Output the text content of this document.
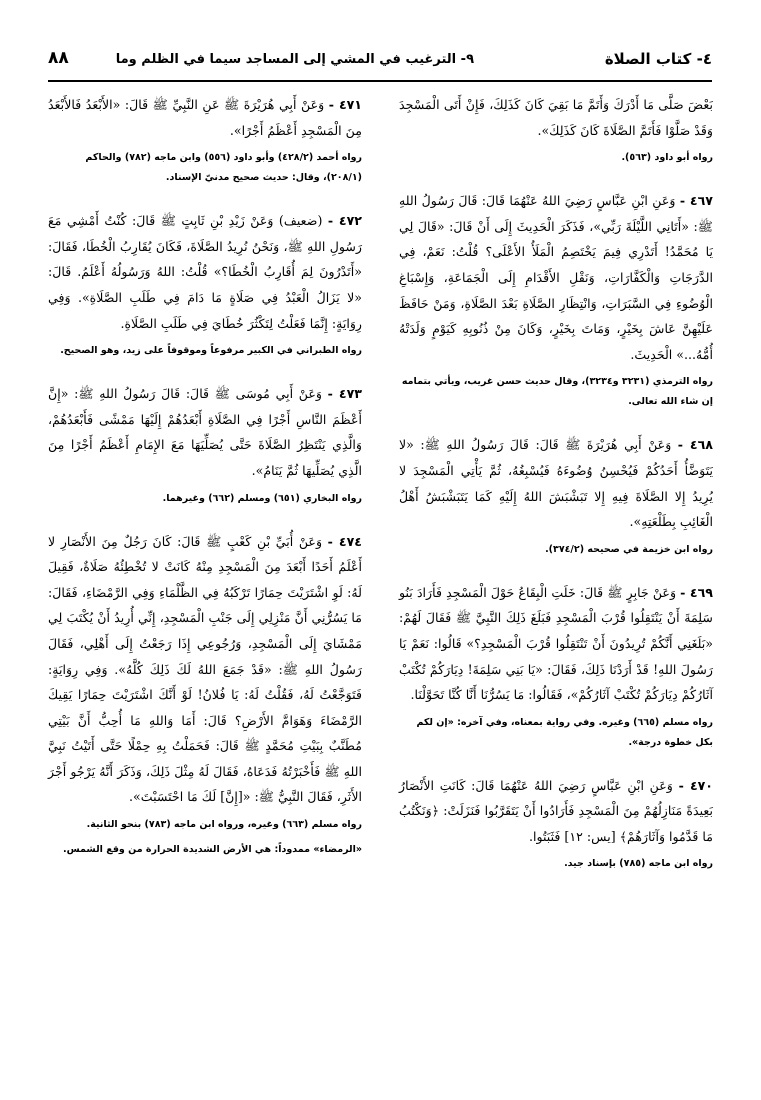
٤- كتاب الصلاة
٩- الترغيب في المشي إلى المساجد سيما في الظلم وما
٨٨

بَعْضَ صَلَّى مَا أَدْرَكَ وَأَتَمَّ مَا بَقِيَ كَانَ كَذَلِكَ، فَإِنْ أَتَى الْمَسْجِدَ وَقَدْ صَلَّوْا فَأَتَمَّ الصَّلَاةَ كَانَ كَذَلِكَ».

رواه أبو داود (٥٦٣).

٤٦٧ - وَعَنِ ابْنِ عَبَّاسٍ رَضِيَ اللهُ عَنْهُمَا قَالَ: قَالَ رَسُولُ اللهِ ﷺ: «أَتَانِي اللَّيْلَةَ رَبِّي»، فَذَكَرَ الْحَدِيثَ إِلَى أَنْ قَالَ: «قَالَ لِي يَا مُحَمَّدُ! أَتَدْرِي فِيمَ يَخْتَصِمُ الْمَلَأُ الأَعْلَى؟ قُلْتُ: نَعَمْ، فِي الدَّرَجَاتِ وَالْكَفَّارَاتِ، وَنَقْلِ الأَقْدَامِ إِلَى الْجَمَاعَةِ، وَإِسْبَاغِ الْوُضُوءِ فِي السَّبَرَاتِ، وَانْتِظَارِ الصَّلَاةِ بَعْدَ الصَّلَاةِ، وَمَنْ حَافَظَ عَلَيْهِنَّ عَاشَ بِخَيْرٍ، وَمَاتَ بِخَيْرٍ، وَكَانَ مِنْ ذُنُوبِهِ كَيَوْمٍ وَلَدَتْهُ أُمُّهُ...» الْحَدِيثَ.

رواه الترمذي (٣٢٣١ و٣٢٣٤)، وقال حديث حسن غريب، ويأتي بتمامه إن شاء الله تعالى.

٤٦٨ - وَعَنْ أَبِي هُرَيْرَةَ ﷺ قَالَ: قَالَ رَسُولُ اللهِ ﷺ: «لا يَتَوَضَّأُ أَحَدُكُمْ فَيُحْسِنُ وُضُوءَهُ فَيُسْبِغُهُ، ثُمَّ يَأْتِي الْمَسْجِدَ لا يُرِيدُ إِلا الصَّلَاةَ فِيهِ إِلا تَبَشْبَشَ اللهُ إِلَيْهِ كَمَا يَتَبَشْبَشُ أَهْلُ الْغَائِبِ بِطَلْعَتِهِ».

رواه ابن خزيمة في صحيحه (٣٧٤/٢).

٤٦٩ - وَعَنْ جَابِرٍ ﷺ قَالَ: خَلَتِ الْبِقَاعُ حَوْلَ الْمَسْجِدِ فَأَرَادَ بَنُو سَلِمَةَ أَنْ يَنْتَقِلُوا قُرْبَ الْمَسْجِدِ فَبَلَغَ ذَلِكَ النَّبِيَّ ﷺ فَقَالَ لَهُمْ: «بَلَغَنِي أَنَّكُمْ تُرِيدُونَ أَنْ تَنْتَقِلُوا قُرْبَ الْمَسْجِدِ؟» قَالُوا: نَعَمْ يَا رَسُولَ اللهِ! قَدْ أَرَدْنَا ذَلِكَ، فَقَالَ: «يَا بَنِي سَلِمَةَ! دِيَارَكُمْ تُكْتَبْ آثَارُكُمْ دِيَارَكُمْ تُكْتَبْ آثَارُكُمْ»، فَقَالُوا: مَا يَسُرُّنَا أَنَّا كُنَّا تَحَوَّلْنَا.

رواه مسلم (٦٦٥) وغيره. وفي رواية بمعناه، وفي آخره: «إن لكم بكل خطوة درجة».

٤٧٠ - وَعَنِ ابْنِ عَبَّاسٍ رَضِيَ اللهُ عَنْهُمَا قَالَ: كَانَتِ الأَنْصَارُ بَعِيدَةً مَنَازِلُهُمْ مِنَ الْمَسْجِدِ فَأَرَادُوا أَنْ يَتَقَرَّبُوا فَنَزَلَتْ: ﴿وَنَكْتُبُ مَا قَدَّمُوا وَآثَارَهُمْ﴾ [يس: ١٢] فَثَبَتُوا.

رواه ابن ماجه (٧٨٥) بإسناد جيد.

٤٧١ - وَعَنْ أَبِي هُرَيْرَةَ ﷺ عَنِ النَّبِيِّ ﷺ قَالَ: «الأَبْعَدُ فَالأَبْعَدُ مِنَ الْمَسْجِدِ أَعْظَمُ أَجْرًا».

رواه أحمد (٤٢٨/٢) وأبو داود (٥٥٦) وابن ماجه (٧٨٢) والحاكم (٢٠٨/١)، وقال: حديث صحيح مدنيّ الإسناد.

٤٧٢ - (ضعيف) وَعَنْ زَيْدِ بْنِ ثَابِتٍ ﷺ قَالَ: كُنْتُ أَمْشِي مَعَ رَسُولِ اللهِ ﷺ، وَنَحْنُ نُرِيدُ الصَّلَاةَ، فَكَانَ يُقَارِبُ الْخُطَا، فَقَالَ: «أَتَدْرُونَ لِمَ أُقَارِبُ الْخُطَا؟» قُلْتُ: اللهُ وَرَسُولُهُ أَعْلَمُ. قَالَ: «لا يَزَالُ الْعَبْدُ فِي صَلَاةٍ مَا دَامَ فِي طَلَبِ الصَّلَاةِ». وَفِي رِوَايَةٍ: إِنَّمَا فَعَلْتُ لِتَكْثُرَ خُطَايَ فِي طَلَبِ الصَّلَاةِ.

رواه الطبراني في الكبير مرفوعاً وموقوفاً على زيد، وهو الصحيح.

٤٧٣ - وَعَنْ أَبِي مُوسَى ﷺ قَالَ: قَالَ رَسُولُ اللهِ ﷺ: «إِنَّ أَعْظَمَ النَّاسِ أَجْرًا فِي الصَّلَاةِ أَبْعَدُهُمْ إِلَيْهَا مَمْشًى فَأَبْعَدُهُمْ، وَالَّذِي يَنْتَظِرُ الصَّلَاةَ حَتَّى يُصَلِّيَهَا مَعَ الإِمَامِ أَعْظَمُ أَجْرًا مِنَ الَّذِي يُصَلِّيهَا ثُمَّ يَنَامُ».

رواه البخاري (٦٥١) ومسلم (٦٦٢) وغيرهما.

٤٧٤ - وَعَنْ أُبَيِّ بْنِ كَعْبٍ ﷺ قَالَ: كَانَ رَجُلٌ مِنَ الأَنْصَارِ لا أَعْلَمُ أَحَدًا أَبْعَدَ مِنَ الْمَسْجِدِ مِنْهُ كَانَتْ لا تُخْطِئُهُ صَلَاةٌ، فَقِيلَ لَهُ: لَوِ اشْتَرَيْتَ حِمَارًا تَرْكَبُهُ فِي الظَّلْمَاءِ وَفِي الرَّمْضَاءِ، فَقَالَ: مَا يَسُرُّنِي أَنَّ مَنْزِلِي إِلَى جَنْبِ الْمَسْجِدِ، إِنِّي أُرِيدُ أَنْ يُكْتَبَ لِي مَمْشَايَ إِلَى الْمَسْجِدِ، وَرُجُوعِي إِذَا رَجَعْتُ إِلَى أَهْلِي، فَقَالَ رَسُولُ اللهِ ﷺ: «قَدْ جَمَعَ اللهُ لَكَ ذَلِكَ كُلَّهُ». وَفِي رِوَايَةٍ: فَتَوَجَّعْتُ لَهُ، فَقُلْتُ لَهُ: يَا فُلانُ! لَوْ أَنَّكَ اشْتَرَيْتَ حِمَارًا يَقِيكَ الرَّمْضَاءَ وَهَوَامَّ الأَرْضِ؟ قَالَ: أَمَا وَاللهِ مَا أُحِبُّ أَنَّ بَيْتِي مُطَنَّبٌ بِبَيْتِ مُحَمَّدٍ ﷺ قَالَ: فَحَمَلْتُ بِهِ حِمْلًا حَتَّى أَتَيْتُ نَبِيَّ اللهِ ﷺ فَأَخْبَرْتُهُ فَدَعَاهُ، فَقَالَ لَهُ مِثْلَ ذَلِكَ، وَذَكَرَ أَنَّهُ يَرْجُو أَجْرَ الأَثَرِ، فَقَالَ النَّبِيُّ ﷺ: «[إِنَّ] لَكَ مَا احْتَسَبْتَ».

رواه مسلم (٦٦٣) وغيره، ورواه ابن ماجه (٧٨٣) بنحو الثانية.

«الرمضاء» ممدوداً: هي الأرض الشديدة الحرارة من وقع الشمس.
